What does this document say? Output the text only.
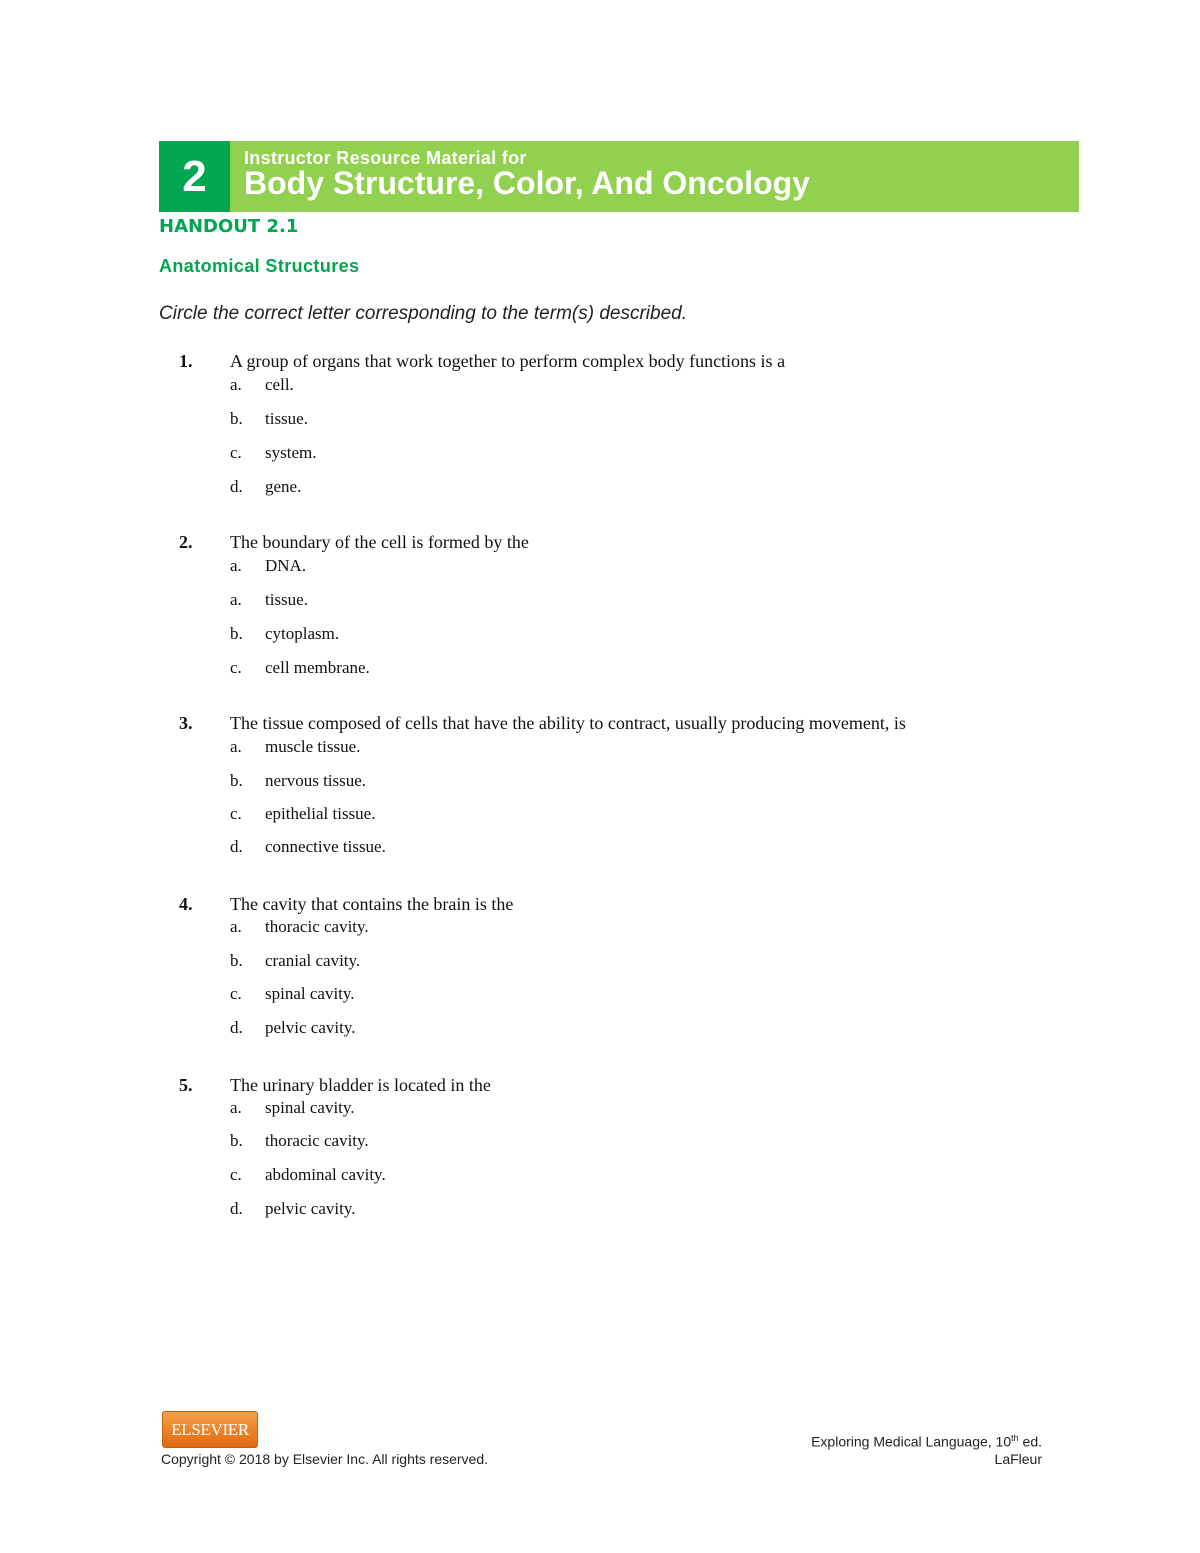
2	Instructor Resource Material for
Body Structure, Color, And Oncology
HANDOUT 2.1
Anatomical Structures
Circle the correct letter corresponding to the term(s) described.
1. A group of organs that work together to perform complex body functions is a
a. cell.
b. tissue.
c. system.
d. gene.
2. The boundary of the cell is formed by the
a. DNA.
a. tissue.
b. cytoplasm.
c. cell membrane.
3. The tissue composed of cells that have the ability to contract, usually producing movement, is
a. muscle tissue.
b. nervous tissue.
c. epithelial tissue.
d. connective tissue.
4. The cavity that contains the brain is the
a. thoracic cavity.
b. cranial cavity.
c. spinal cavity.
d. pelvic cavity.
5. The urinary bladder is located in the
a. spinal cavity.
b. thoracic cavity.
c. abdominal cavity.
d. pelvic cavity.
ELSEVIER
Copyright © 2018 by Elsevier Inc. All rights reserved.
Exploring Medical Language, 10th ed.
LaFleur
